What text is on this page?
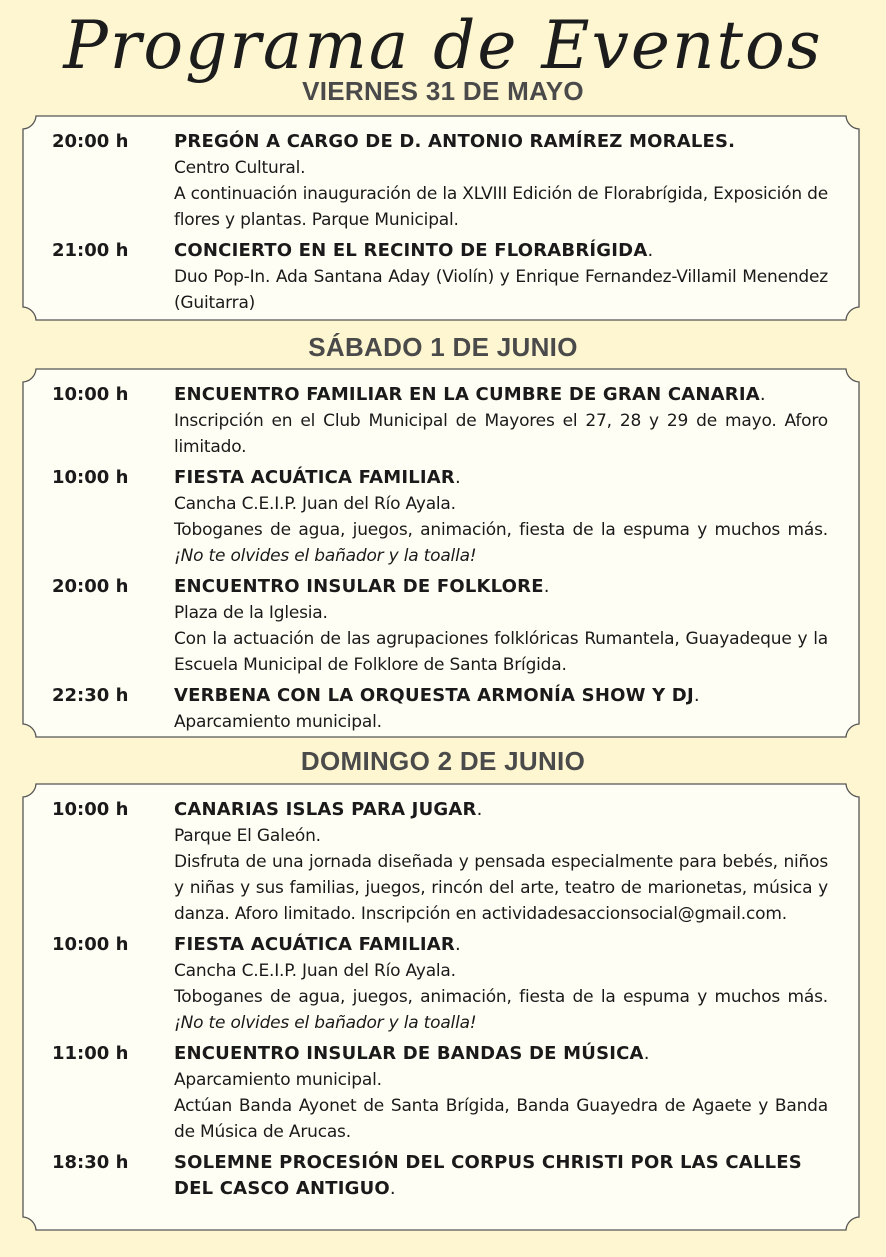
Programa de Eventos
VIERNES 31 DE MAYO
20:00 h	PREGÓN A CARGO DE D. ANTONIO RAMÍREZ MORALES.
Centro Cultural.
A continuación inauguración de la XLVIII Edición de Florabrígida, Exposición de flores y plantas. Parque Municipal.
21:00 h	CONCIERTO EN EL RECINTO DE FLORABRÍGIDA.
Duo Pop-In. Ada Santana Aday (Violín) y Enrique Fernandez-Villamil Menendez (Guitarra)
SÁBADO 1 DE JUNIO
10:00 h	ENCUENTRO FAMILIAR EN LA CUMBRE DE GRAN CANARIA.
Inscripción en el Club Municipal de Mayores el 27, 28 y 29 de mayo. Aforo limitado.
10:00 h	FIESTA ACUÁTICA FAMILIAR.
Cancha C.E.I.P. Juan del Río Ayala.
Toboganes de agua, juegos, animación, fiesta de la espuma y muchos más. ¡No te olvides el bañador y la toalla!
20:00 h	ENCUENTRO INSULAR DE FOLKLORE.
Plaza de la Iglesia.
Con la actuación de las agrupaciones folklóricas Rumantela, Guayadeque y la Escuela Municipal de Folklore de Santa Brígida.
22:30 h	VERBENA CON LA ORQUESTA ARMONÍA SHOW Y DJ.
Aparcamiento municipal.
DOMINGO 2 DE JUNIO
10:00 h	CANARIAS ISLAS PARA JUGAR.
Parque El Galeón.
Disfruta de una jornada diseñada y pensada especialmente para bebés, niños y niñas y sus familias, juegos, rincón del arte, teatro de marionetas, música y danza. Aforo limitado. Inscripción en actividadesaccionsocial@gmail.com.
10:00 h	FIESTA ACUÁTICA FAMILIAR.
Cancha C.E.I.P. Juan del Río Ayala.
Toboganes de agua, juegos, animación, fiesta de la espuma y muchos más. ¡No te olvides el bañador y la toalla!
11:00 h	ENCUENTRO INSULAR DE BANDAS DE MÚSICA.
Aparcamiento municipal.
Actúan Banda Ayonet de Santa Brígida, Banda Guayedra de Agaete y Banda de Música de Arucas.
18:30 h	SOLEMNE PROCESIÓN DEL CORPUS CHRISTI POR LAS CALLES DEL CASCO ANTIGUO.
